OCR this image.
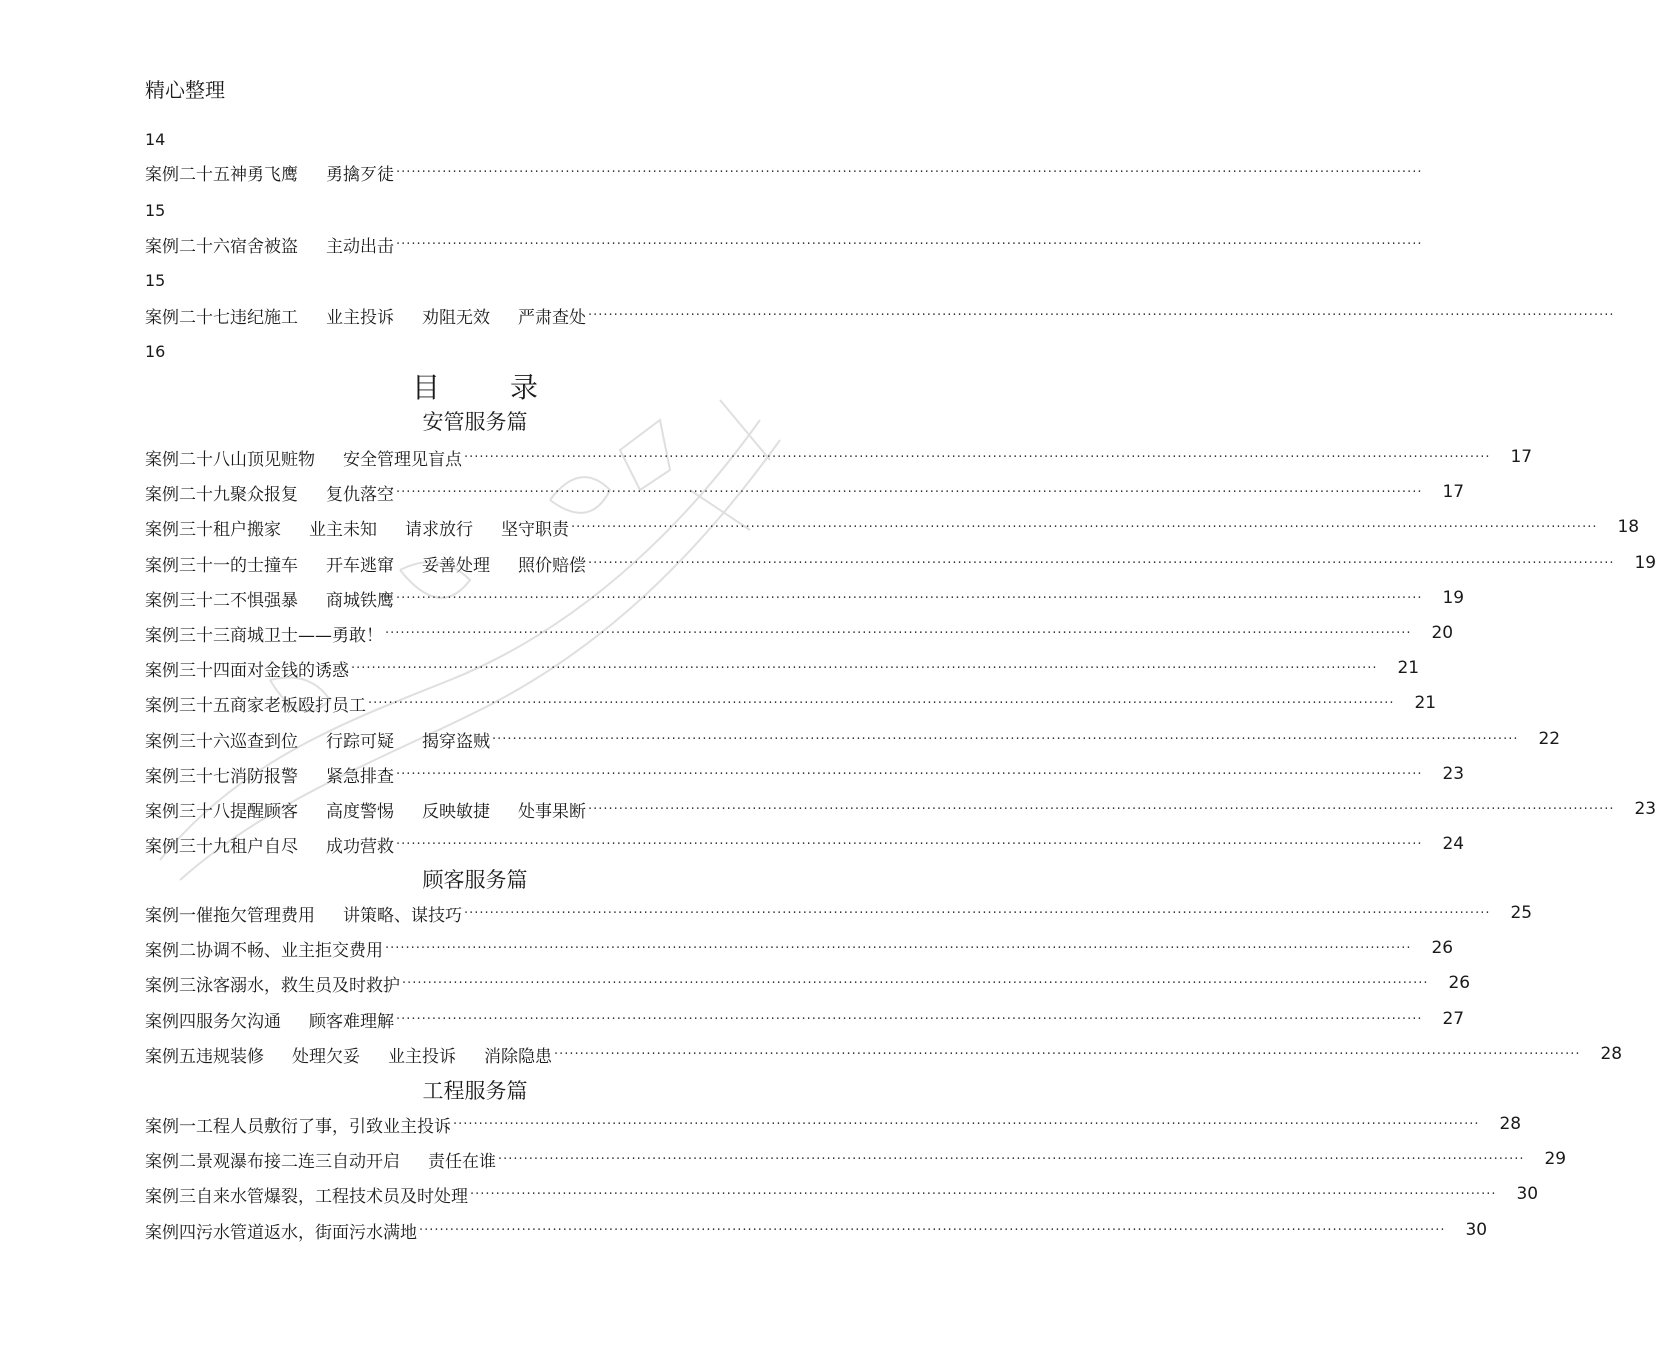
精心整理
目	录
14
案例二十五 神勇飞鹰 勇擒歹徒 ········································································································································································································
15
案例二十六 宿舍被盗 主动出击 ········································································································································································································
15
案例二十七 违纪施工 业主投诉 劝阻无效 严肃查处 ········································································································································································································
16
安管服务篇
案例二十八 山顶见赃物 安全管理见盲点 ········································································································································································································ 17
案例二十九 聚众报复 复仇落空 ········································································································································································································ 17
案例三十 租户搬家 业主未知 请求放行 坚守职责 ········································································································································································································ 18
案例三十一 的士撞车 开车逃窜 妥善处理 照价赔偿 ········································································································································································································ 19
案例三十二 不惧强暴 商城铁鹰 ········································································································································································································ 19
案例三十三 商城卫士——勇敢！ ········································································································································································································ 20
案例三十四 面对金钱的诱惑 ········································································································································································································ 21
案例三十五 商家老板殴打员工 ········································································································································································································ 21
案例三十六 巡查到位 行踪可疑 揭穿盗贼 ········································································································································································································ 22
案例三十七 消防报警 紧急排查 ········································································································································································································ 23
案例三十八 提醒顾客 高度警惕 反映敏捷 处事果断 ········································································································································································································ 23
案例三十九 租户自尽 成功营救 ········································································································································································································ 24
顾客服务篇
案例一 催拖欠管理费用 讲策略、谋技巧 ········································································································································································································ 25
案例二 协调不畅、业主拒交费用 ········································································································································································································ 26
案例三 泳客溺水，救生员及时救护 ········································································································································································································ 26
案例四 服务欠沟通 顾客难理解 ········································································································································································································ 27
案例五 违规装修 处理欠妥 业主投诉 消除隐患 ········································································································································································································ 28
工程服务篇
案例一 工程人员敷衍了事，引致业主投诉 ········································································································································································································ 28
案例二 景观瀑布接二连三自动开启 责任在谁 ········································································································································································································ 29
案例三 自来水管爆裂，工程技术员及时处理 ········································································································································································································ 30
案例四 污水管道返水，街面污水满地 ········································································································································································································ 30
